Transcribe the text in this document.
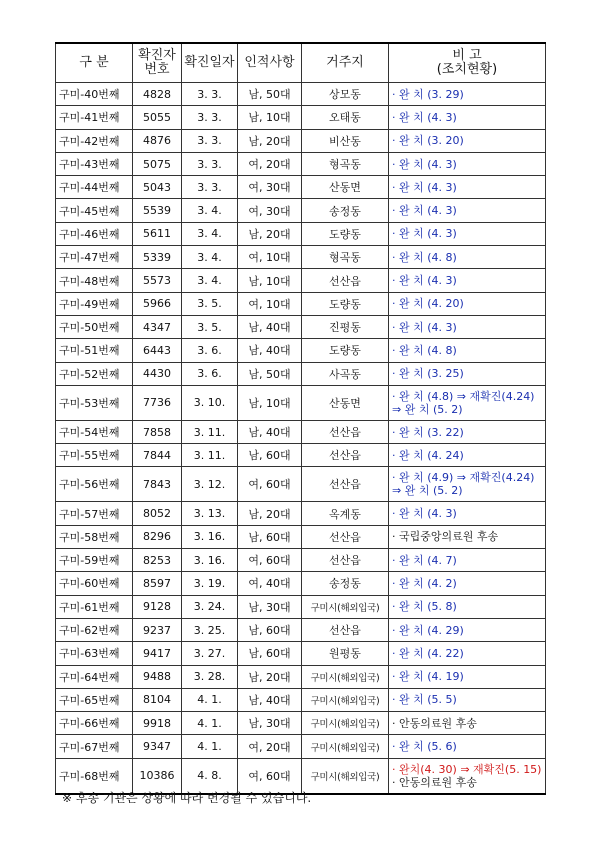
구 분	확진자 번호	확진일자	인적사항	거주지	비 고
(조치현황)

구미-40번째	4828	3. 3.	남, 50대	상모동	· 완 치 (3. 29)

구미-41번째	5055	3. 3.	남, 10대	오태동	· 완 치 (4. 3)

구미-42번째	4876	3. 3.	남, 20대	비산동	· 완 치 (3. 20)

구미-43번째	5075	3. 3.	여, 20대	형곡동	· 완 치 (4. 3)

구미-44번째	5043	3. 3.	여, 30대	산동면	· 완 치 (4. 3)

구미-45번째	5539	3. 4.	여, 30대	송정동	· 완 치 (4. 3)

구미-46번째	5611	3. 4.	남, 20대	도량동	· 완 치 (4. 3)

구미-47번째	5339	3. 4.	여, 10대	형곡동	· 완 치 (4. 8)

구미-48번째	5573	3. 4.	남, 10대	선산읍	· 완 치 (4. 3)

구미-49번째	5966	3. 5.	여, 10대	도량동	· 완 치 (4. 20)

구미-50번째	4347	3. 5.	남, 40대	진평동	· 완 치 (4. 3)

구미-51번째	6443	3. 6.	남, 40대	도량동	· 완 치 (4. 8)

구미-52번째	4430	3. 6.	남, 50대	사곡동	· 완 치 (3. 25)

구미-53번째	7736	3. 10.	남, 10대	산동면	· 완 치 (4.8) ⇒ 재확진(4.24)
⇒ 완 치 (5. 2)

구미-54번째	7858	3. 11.	남, 40대	선산읍	· 완 치 (3. 22)

구미-55번째	7844	3. 11.	남, 60대	선산읍	· 완 치 (4. 24)

구미-56번째	7843	3. 12.	여, 60대	선산읍	· 완 치 (4.9) ⇒ 재확진(4.24)
⇒ 완 치 (5. 2)

구미-57번째	8052	3. 13.	남, 20대	옥계동	· 완 치 (4. 3)

구미-58번째	8296	3. 16.	남, 60대	선산읍	· 국립중앙의료원 후송

구미-59번째	8253	3. 16.	여, 60대	선산읍	· 완 치 (4. 7)

구미-60번째	8597	3. 19.	여, 40대	송정동	· 완 치 (4. 2)

구미-61번째	9128	3. 24.	남, 30대	구미시(해외입국)	· 완 치 (5. 8)

구미-62번째	9237	3. 25.	남, 60대	선산읍	· 완 치 (4. 29)

구미-63번째	9417	3. 27.	남, 60대	원평동	· 완 치 (4. 22)

구미-64번째	9488	3. 28.	남, 20대	구미시(해외입국)	· 완 치 (4. 19)

구미-65번째	8104	4. 1.	남, 40대	구미시(해외입국)	· 완 치 (5. 5)

구미-66번째	9918	4. 1.	남, 30대	구미시(해외입국)	· 안동의료원 후송

구미-67번째	9347	4. 1.	여, 20대	구미시(해외입국)	· 완 치 (5. 6)

구미-68번째	10386	4. 8.	여, 60대	구미시(해외입국)	· 완치(4. 30) ⇒ 재확진(5. 15)
· 안동의료원 후송
※ 후송 기관은 상황에 따라 변경될 수 있습니다.
